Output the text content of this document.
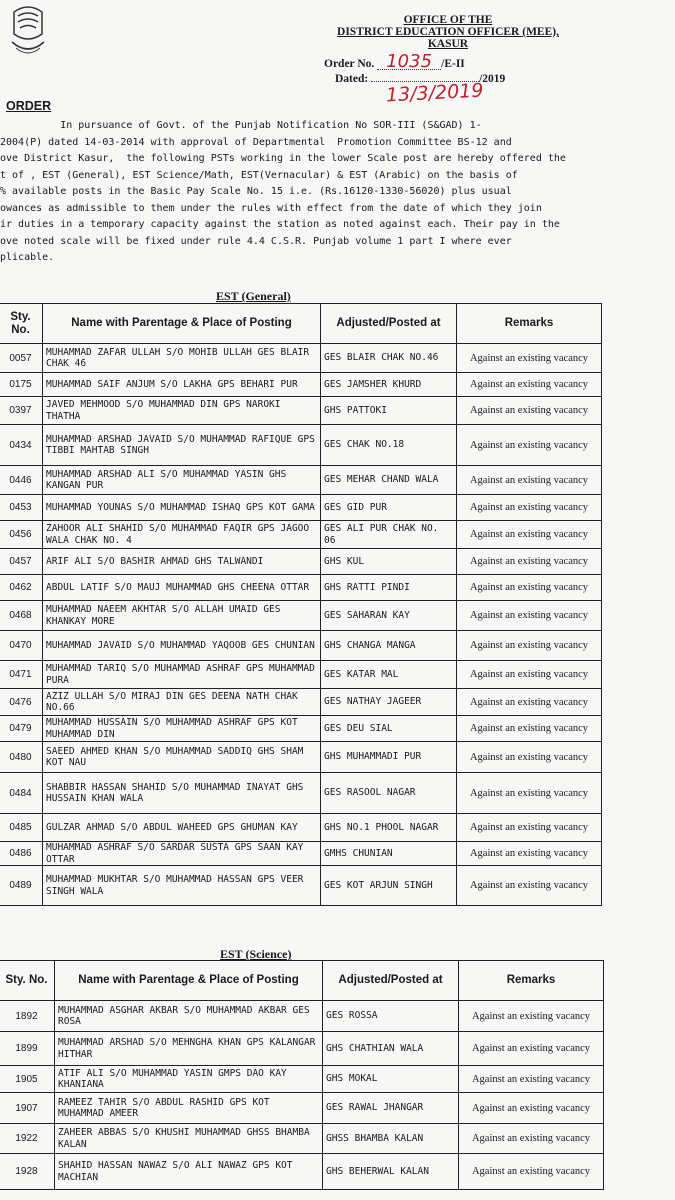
OFFICE OF THE
DISTRICT EDUCATION OFFICER (MEE),
KASUR
Order No. 1035 /E-II
Dated:	/2019
13/3/2019
ORDER
In pursuance of Govt. of the Punjab Notification No SOR-III (S&GAD) 1-
2004(P) dated 14-03-2014 with approval of Departmental  Promotion Committee BS-12 and
ove District Kasur,  the following PSTs working in the lower Scale post are hereby offered the
t of , EST (General), EST Science/Math, EST(Vernacular) & EST (Arabic) on the basis of
% available posts in the Basic Pay Scale No. 15 i.e. (Rs.16120-1330-56020) plus usual
owances as admissible to them under the rules with effect from the date of which they join
ir duties in a temporary capacity against the station as noted against each. Their pay in the
ove noted scale will be fixed under rule 4.4 C.S.R. Punjab volume 1 part I where ever
plicable.
EST (General)
Sty. No.	Name with Parentage & Place of Posting	Adjusted/Posted at	Remarks
0057	MUHAMMAD ZAFAR ULLAH S/O MOHIB ULLAH GES BLAIR CHAK 46	GES BLAIR CHAK NO.46	Against an existing vacancy
0175	MUHAMMAD SAIF ANJUM S/O LAKHA GPS BEHARI PUR	GES JAMSHER KHURD	Against an existing vacancy
0397	JAVED MEHMOOD S/O MUHAMMAD DIN GPS NAROKI THATHA	GHS PATTOKI	Against an existing vacancy
0434	MUHAMMAD ARSHAD JAVAID S/O MUHAMMAD RAFIQUE GPS TIBBI MAHTAB SINGH	GES CHAK NO.18	Against an existing vacancy
0446	MUHAMMAD ARSHAD ALI S/O MUHAMMAD YASIN GHS KANGAN PUR	GES MEHAR CHAND WALA	Against an existing vacancy
0453	MUHAMMAD YOUNAS S/O MUHAMMAD ISHAQ GPS KOT GAMA	GES GID PUR	Against an existing vacancy
0456	ZAHOOR ALI SHAHID S/O MUHAMMAD FAQIR GPS JAGOO WALA CHAK NO. 4	GES ALI PUR CHAK NO. 06	Against an existing vacancy
0457	ARIF ALI S/O BASHIR AHMAD GHS TALWANDI	GHS KUL	Against an existing vacancy
0462	ABDUL LATIF S/O MAUJ MUHAMMAD GHS CHEENA OTTAR	GHS RATTI PINDI	Against an existing vacancy
0468	MUHAMMAD NAEEM AKHTAR S/O ALLAH UMAID GES KHANKAY MORE	GES SAHARAN KAY	Against an existing vacancy
0470	MUHAMMAD JAVAID S/O MUHAMMAD YAQOOB GES CHUNIAN	GHS CHANGA MANGA	Against an existing vacancy
0471	MUHAMMAD TARIQ S/O MUHAMMAD ASHRAF GPS MUHAMMAD PURA	GES KATAR MAL	Against an existing vacancy
0476	AZIZ ULLAH S/O MIRAJ DIN GES DEENA NATH CHAK NO.66	GES NATHAY JAGEER	Against an existing vacancy
0479	MUHAMMAD HUSSAIN S/O MUHAMMAD ASHRAF GPS KOT MUHAMMAD DIN	GES DEU SIAL	Against an existing vacancy
0480	SAEED AHMED KHAN S/O MUHAMMAD SADDIQ GHS SHAM KOT NAU	GHS MUHAMMADI PUR	Against an existing vacancy
0484	SHABBIR HASSAN SHAHID S/O MUHAMMAD INAYAT GHS HUSSAIN KHAN WALA	GES RASOOL NAGAR	Against an existing vacancy
0485	GULZAR AHMAD S/O ABDUL WAHEED GPS GHUMAN KAY	GHS NO.1 PHOOL NAGAR	Against an existing vacancy
0486	MUHAMMAD ASHRAF S/O SARDAR SUSTA GPS SAAN KAY OTTAR	GMHS CHUNIAN	Against an existing vacancy
0489	MUHAMMAD MUKHTAR S/O MUHAMMAD HASSAN GPS VEER SINGH WALA	GES KOT ARJUN SINGH	Against an existing vacancy
EST (Science)
Sty. No.	Name with Parentage & Place of Posting	Adjusted/Posted at	Remarks
1892	MUHAMMAD ASGHAR AKBAR S/O MUHAMMAD AKBAR GES ROSA	GES ROSSA	Against an existing vacancy
1899	MUHAMMAD ARSHAD S/O MEHNGHA KHAN GPS KALANGAR HITHAR	GHS CHATHIAN WALA	Against an existing vacancy
1905	ATIF ALI S/O MUHAMMAD YASIN GMPS DAO KAY KHANIANA	GHS MOKAL	Against an existing vacancy
1907	RAMEEZ TAHIR S/O ABDUL RASHID GPS KOT MUHAMMAD AMEER	GES RAWAL JHANGAR	Against an existing vacancy
1922	ZAHEER ABBAS S/O KHUSHI MUHAMMAD GHSS BHAMBA KALAN	GHSS BHAMBA KALAN	Against an existing vacancy
1928	SHAHID HASSAN NAWAZ S/O ALI NAWAZ GPS KOT MACHIAN	GHS BEHERWAL KALAN	Against an existing vacancy
